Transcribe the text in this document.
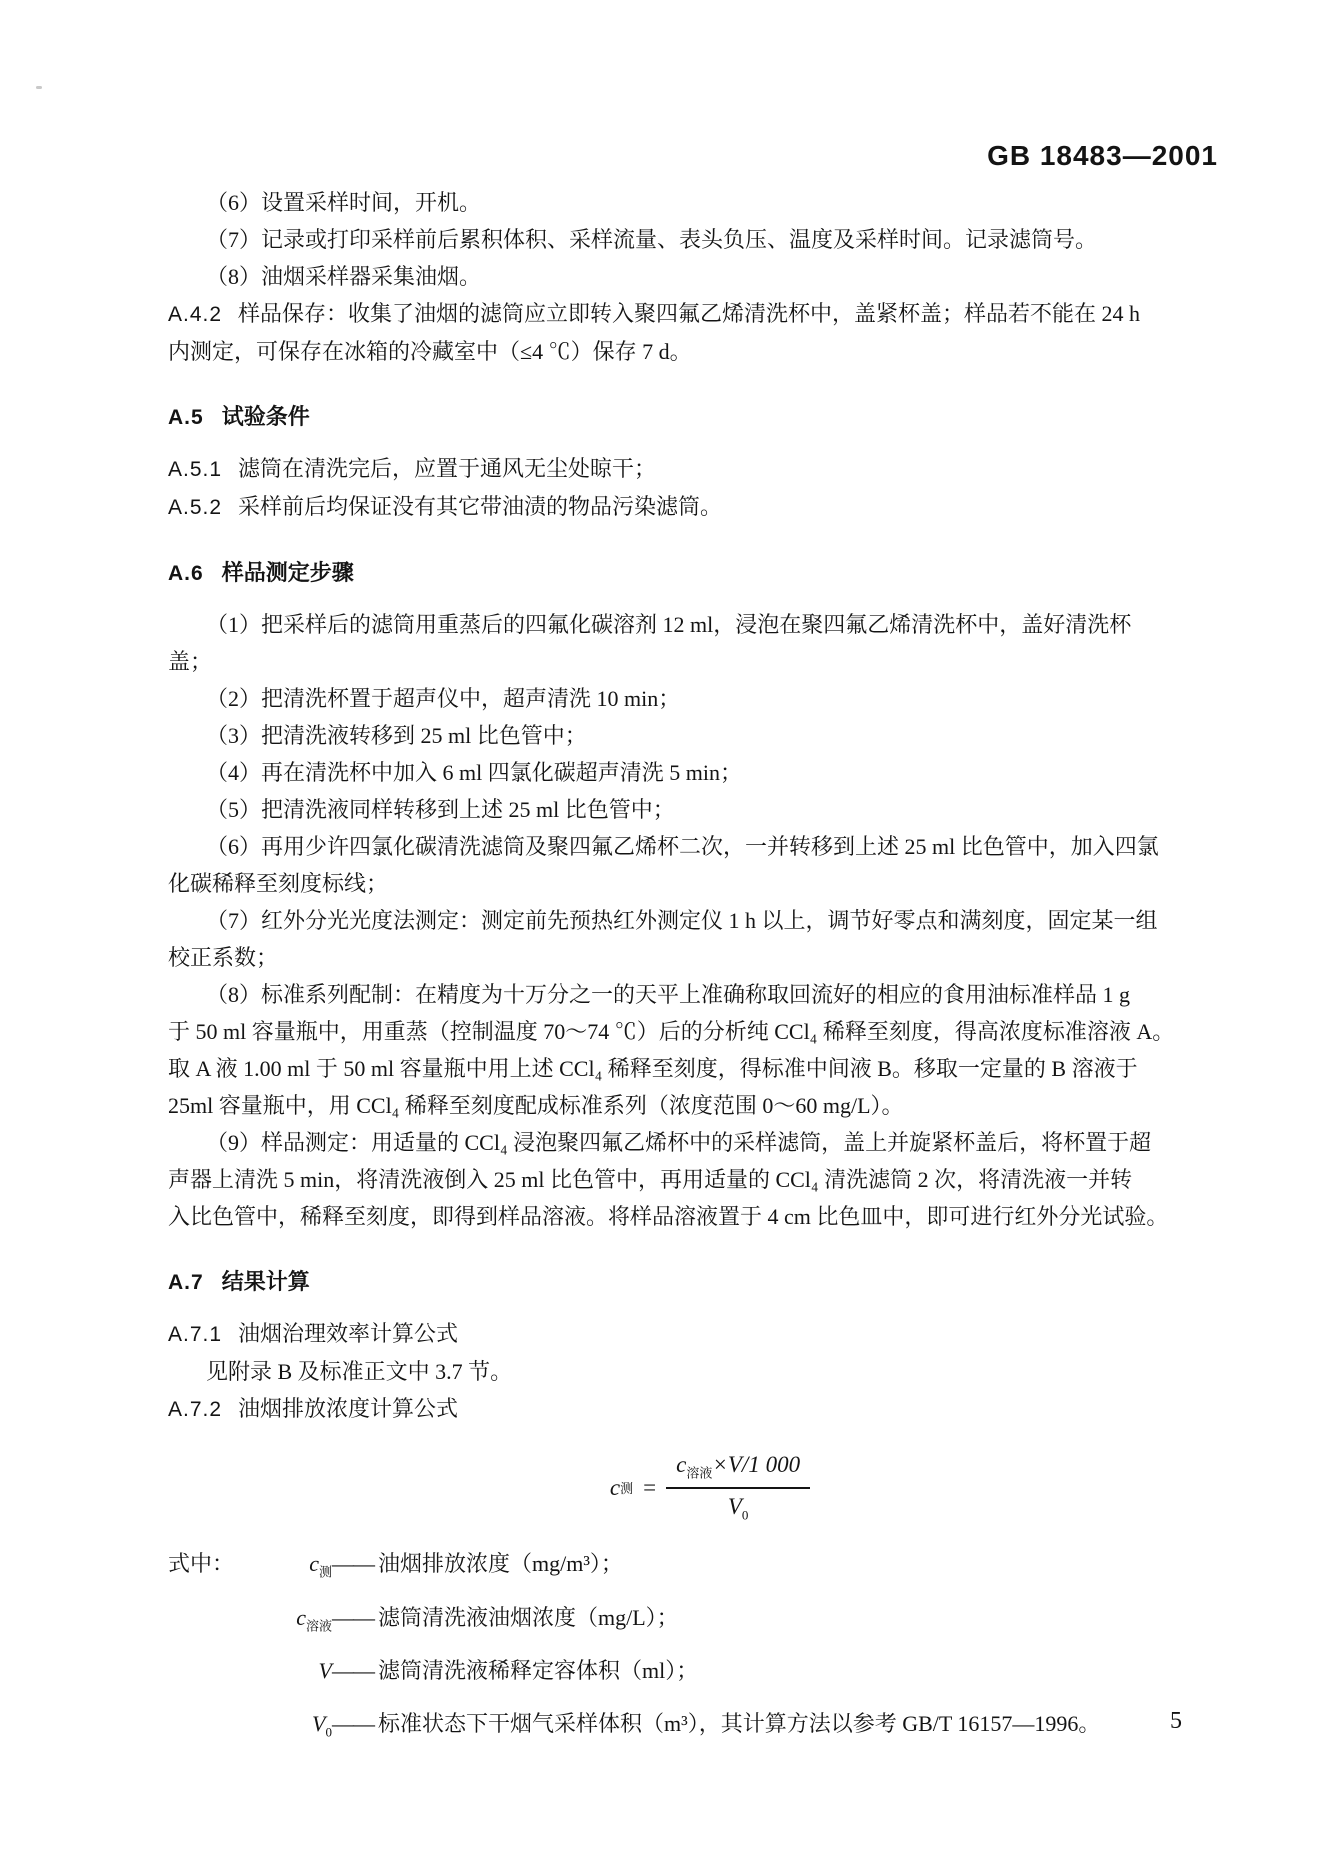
GB 18483—2001
（6）设置采样时间，开机。
（7）记录或打印采样前后累积体积、采样流量、表头负压、温度及采样时间。记录滤筒号。
（8）油烟采样器采集油烟。
A.4.2 样品保存：收集了油烟的滤筒应立即转入聚四氟乙烯清洗杯中，盖紧杯盖；样品若不能在 24 h
内测定，可保存在冰箱的冷藏室中（≤4 ℃）保存 7 d。
A.5 试验条件
A.5.1 滤筒在清洗完后，应置于通风无尘处晾干；
A.5.2 采样前后均保证没有其它带油渍的物品污染滤筒。
A.6 样品测定步骤
（1）把采样后的滤筒用重蒸后的四氟化碳溶剂 12 ml，浸泡在聚四氟乙烯清洗杯中，盖好清洗杯
盖；
（2）把清洗杯置于超声仪中，超声清洗 10 min；
（3）把清洗液转移到 25 ml 比色管中；
（4）再在清洗杯中加入 6 ml 四氯化碳超声清洗 5 min；
（5）把清洗液同样转移到上述 25 ml 比色管中；
（6）再用少许四氯化碳清洗滤筒及聚四氟乙烯杯二次，一并转移到上述 25 ml 比色管中，加入四氯
化碳稀释至刻度标线；
（7）红外分光光度法测定：测定前先预热红外测定仪 1 h 以上，调节好零点和满刻度，固定某一组
校正系数；
（8）标准系列配制：在精度为十万分之一的天平上准确称取回流好的相应的食用油标准样品 1 g
于 50 ml 容量瓶中，用重蒸（控制温度 70～74 ℃）后的分析纯 CCl₄ 稀释至刻度，得高浓度标准溶液 A。
取 A 液 1.00 ml 于 50 ml 容量瓶中用上述 CCl₄ 稀释至刻度，得标准中间液 B。移取一定量的 B 溶液于
25ml 容量瓶中，用 CCl₄ 稀释至刻度配成标准系列（浓度范围 0～60 mg/L）。
（9）样品测定：用适量的 CCl₄ 浸泡聚四氟乙烯杯中的采样滤筒，盖上并旋紧杯盖后，将杯置于超
声器上清洗 5 min，将清洗液倒入 25 ml 比色管中，再用适量的 CCl₄ 清洗滤筒 2 次，将清洗液一并转
入比色管中，稀释至刻度，即得到样品溶液。将样品溶液置于 4 cm 比色皿中，即可进行红外分光试验。
A.7 结果计算
A.7.1 油烟治理效率计算公式
见附录 B 及标准正文中 3.7 节。
A.7.2 油烟排放浓度计算公式
c 测 = $\frac{c_{溶液}\times V/1 000}{V_0}$
式中：	$c_测$ —— 油烟排放浓度（mg/m³）；
$c_{溶液}$ —— 滤筒清洗液油烟浓度（mg/L）；
V —— 滤筒清洗液稀释定容体积（ml）；
$V_0$ —— 标准状态下干烟气采样体积（m³），其计算方法以参考 GB/T 16157—1996。	5
